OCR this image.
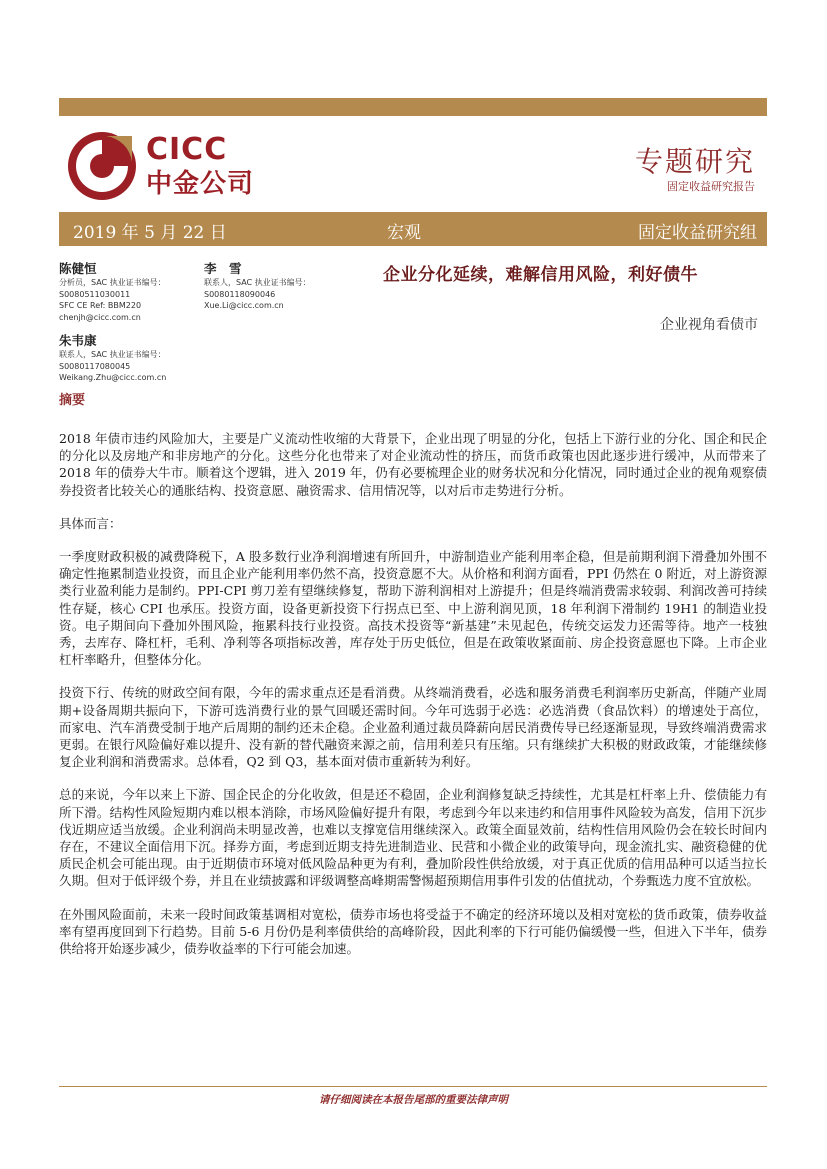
CICC
中金公司
专题研究
固定收益研究报告
2019 年 5 月 22 日	宏观	固定收益研究组
陈健恒
分析员，SAC 执业证书编号：
S0080511030011
SFC CE Ref: BBM220
chenjh@cicc.com.cn
李　雪
联系人，SAC 执业证书编号：
S0080118090046
Xue.Li@cicc.com.cn
朱韦康
联系人，SAC 执业证书编号：
S0080117080045
Weikang.Zhu@cicc.com.cn
企业分化延续，难解信用风险，利好债牛
企业视角看债市
摘要

2018 年债市违约风险加大，主要是广义流动性收缩的大背景下，企业出现了明显的分化，包括上下游行业的分化、国企和民企的分化以及房地产和非房地产的分化。这些分化也带来了对企业流动性的挤压，而货币政策也因此逐步进行缓冲，从而带来了 2018 年的债券大牛市。顺着这个逻辑，进入 2019 年，仍有必要梳理企业的财务状况和分化情况，同时通过企业的视角观察债券投资者比较关心的通胀结构、投资意愿、融资需求、信用情况等，以对后市走势进行分析。

具体而言：

一季度财政积极的减费降税下，A 股多数行业净利润增速有所回升，中游制造业产能利用率企稳，但是前期利润下滑叠加外围不确定性拖累制造业投资，而且企业产能利用率仍然不高，投资意愿不大。从价格和利润方面看，PPI 仍然在 0 附近，对上游资源类行业盈利能力是制约。PPI-CPI 剪刀差有望继续修复，帮助下游利润相对上游提升；但是终端消费需求较弱、利润改善可持续性存疑，核心 CPI 也承压。投资方面，设备更新投资下行拐点已至、中上游利润见顶，18 年利润下滑制约 19H1 的制造业投资。电子期间向下叠加外围风险，拖累科技行业投资。高技术投资等“新基建”未见起色，传统交运发力还需等待。地产一枝独秀，去库存、降杠杆，毛利、净利等各项指标改善，库存处于历史低位，但是在政策收紧面前、房企投资意愿也下降。上市企业杠杆率略升，但整体分化。

投资下行、传统的财政空间有限，今年的需求重点还是看消费。从终端消费看，必选和服务消费毛利润率历史新高，伴随产业周期+设备周期共振向下，下游可选消费行业的景气回暖还需时间。今年可选弱于必选：必选消费（食品饮料）的增速处于高位，而家电、汽车消费受制于地产后周期的制约还未企稳。企业盈利通过裁员降薪向居民消费传导已经逐渐显现，导致终端消费需求更弱。在银行风险偏好难以提升、没有新的替代融资来源之前，信用利差只有压缩。只有继续扩大积极的财政政策，才能继续修复企业利润和消费需求。总体看，Q2 到 Q3，基本面对债市重新转为利好。

总的来说，今年以来上下游、国企民企的分化收敛，但是还不稳固，企业利润修复缺乏持续性，尤其是杠杆率上升、偿债能力有所下滑。结构性风险短期内难以根本消除，市场风险偏好提升有限，考虑到今年以来违约和信用事件风险较为高发，信用下沉步伐近期应适当放缓。企业利润尚未明显改善，也难以支撑宽信用继续深入。政策全面显效前，结构性信用风险仍会在较长时间内存在，不建议全面信用下沉。择券方面，考虑到近期支持先进制造业、民营和小微企业的政策导向，现金流扎实、融资稳健的优质民企机会可能出现。由于近期债市环境对低风险品种更为有利，叠加阶段性供给放缓，对于真正优质的信用品种可以适当拉长久期。但对于低评级个券，并且在业绩披露和评级调整高峰期需警惕超预期信用事件引发的估值扰动，个券甄选力度不宜放松。

在外围风险面前，未来一段时间政策基调相对宽松，债券市场也将受益于不确定的经济环境以及相对宽松的货币政策，债券收益率有望再度回到下行趋势。目前 5-6 月份仍是利率债供给的高峰阶段，因此利率的下行可能仍偏缓慢一些，但进入下半年，债券供给将开始逐步减少，债券收益率的下行可能会加速。

请仔细阅读在本报告尾部的重要法律声明
